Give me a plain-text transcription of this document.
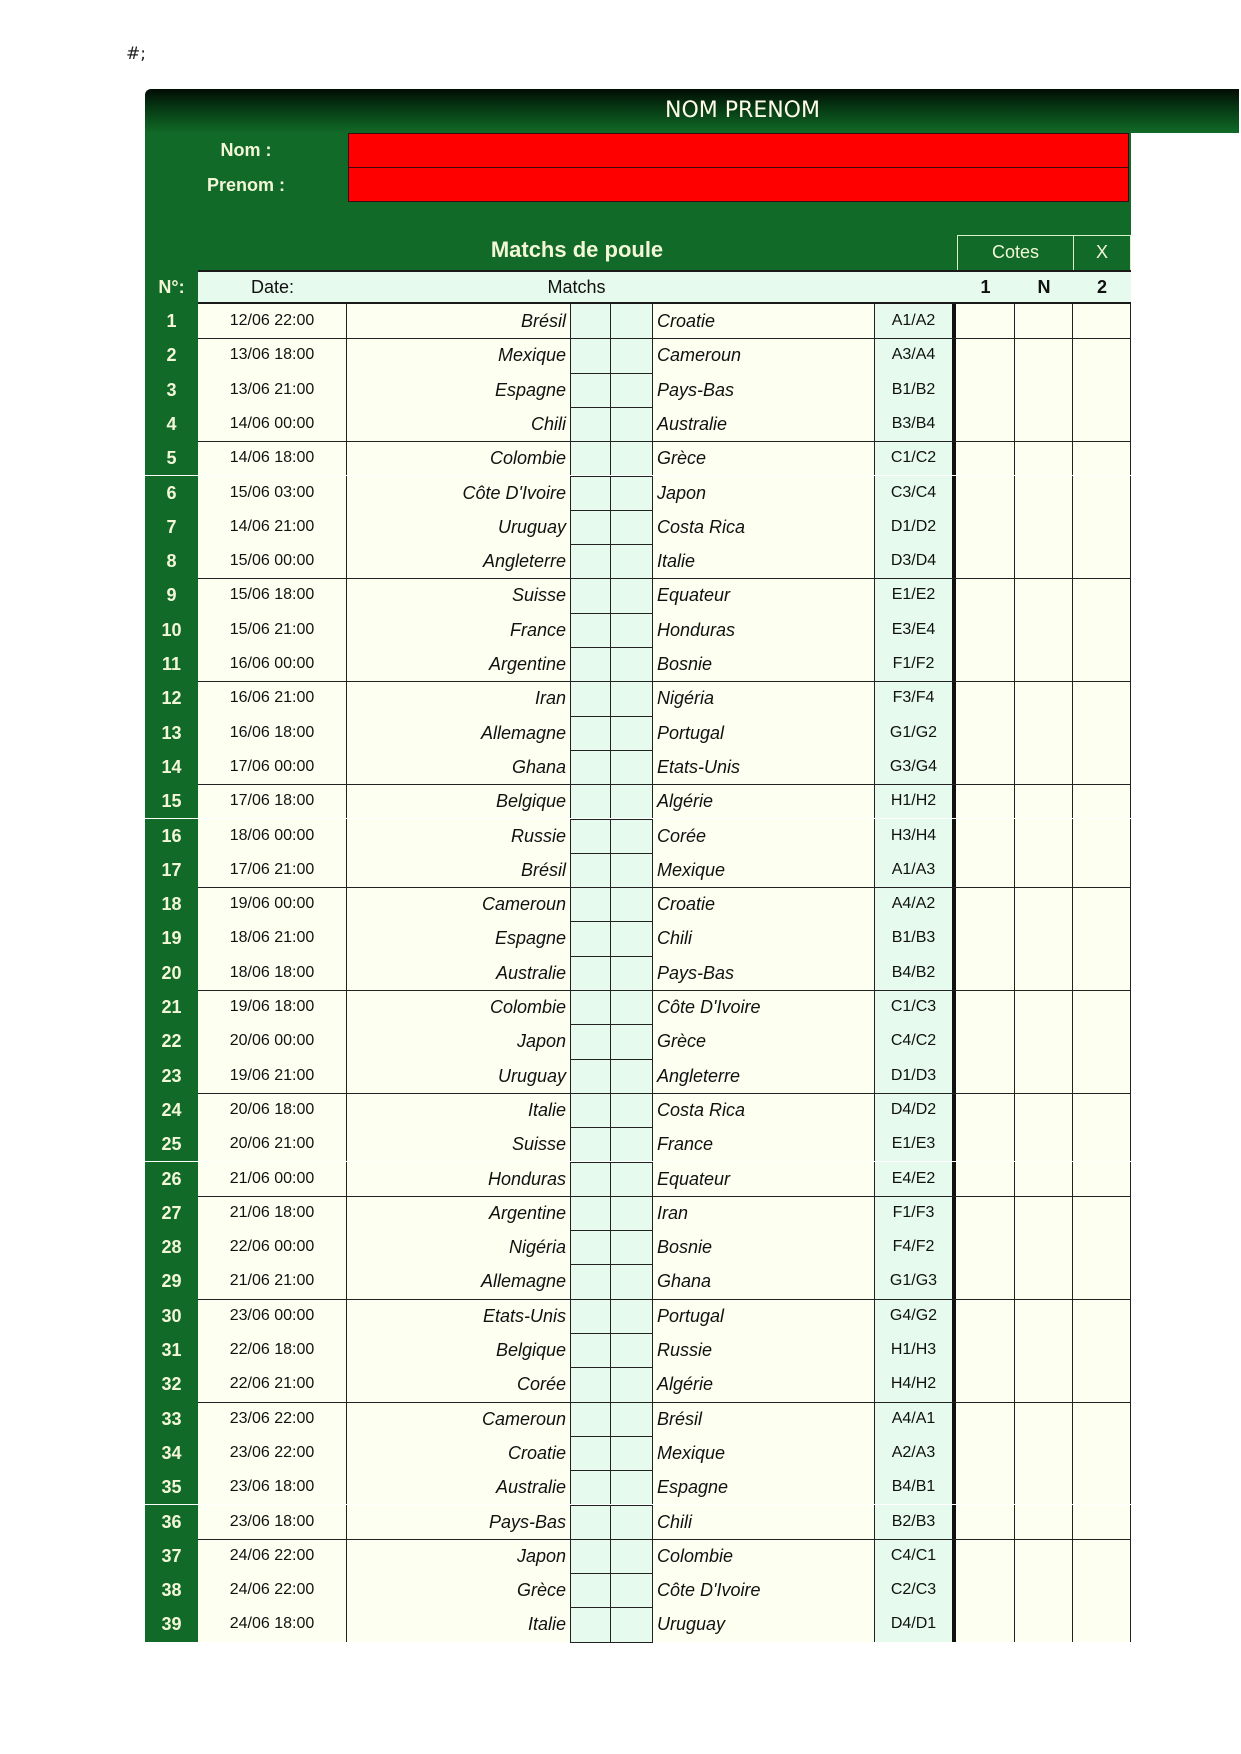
#;
NOM PRENOM
Nom :
Prenom :
Matchs de poule	Cotes	X
N°:	Date:	Matchs	1	N	2
1	12/06 22:00	Brésil	Croatie	A1/A2
2	13/06 18:00	Mexique	Cameroun	A3/A4
3	13/06 21:00	Espagne	Pays-Bas	B1/B2
4	14/06 00:00	Chili	Australie	B3/B4
5	14/06 18:00	Colombie	Grèce	C1/C2
6	15/06 03:00	Côte D'Ivoire	Japon	C3/C4
7	14/06 21:00	Uruguay	Costa Rica	D1/D2
8	15/06 00:00	Angleterre	Italie	D3/D4
9	15/06 18:00	Suisse	Equateur	E1/E2
10	15/06 21:00	France	Honduras	E3/E4
11	16/06 00:00	Argentine	Bosnie	F1/F2
12	16/06 21:00	Iran	Nigéria	F3/F4
13	16/06 18:00	Allemagne	Portugal	G1/G2
14	17/06 00:00	Ghana	Etats-Unis	G3/G4
15	17/06 18:00	Belgique	Algérie	H1/H2
16	18/06 00:00	Russie	Corée	H3/H4
17	17/06 21:00	Brésil	Mexique	A1/A3
18	19/06 00:00	Cameroun	Croatie	A4/A2
19	18/06 21:00	Espagne	Chili	B1/B3
20	18/06 18:00	Australie	Pays-Bas	B4/B2
21	19/06 18:00	Colombie	Côte D'Ivoire	C1/C3
22	20/06 00:00	Japon	Grèce	C4/C2
23	19/06 21:00	Uruguay	Angleterre	D1/D3
24	20/06 18:00	Italie	Costa Rica	D4/D2
25	20/06 21:00	Suisse	France	E1/E3
26	21/06 00:00	Honduras	Equateur	E4/E2
27	21/06 18:00	Argentine	Iran	F1/F3
28	22/06 00:00	Nigéria	Bosnie	F4/F2
29	21/06 21:00	Allemagne	Ghana	G1/G3
30	23/06 00:00	Etats-Unis	Portugal	G4/G2
31	22/06 18:00	Belgique	Russie	H1/H3
32	22/06 21:00	Corée	Algérie	H4/H2
33	23/06 22:00	Cameroun	Brésil	A4/A1
34	23/06 22:00	Croatie	Mexique	A2/A3
35	23/06 18:00	Australie	Espagne	B4/B1
36	23/06 18:00	Pays-Bas	Chili	B2/B3
37	24/06 22:00	Japon	Colombie	C4/C1
38	24/06 22:00	Grèce	Côte D'Ivoire	C2/C3
39	24/06 18:00	Italie	Uruguay	D4/D1
